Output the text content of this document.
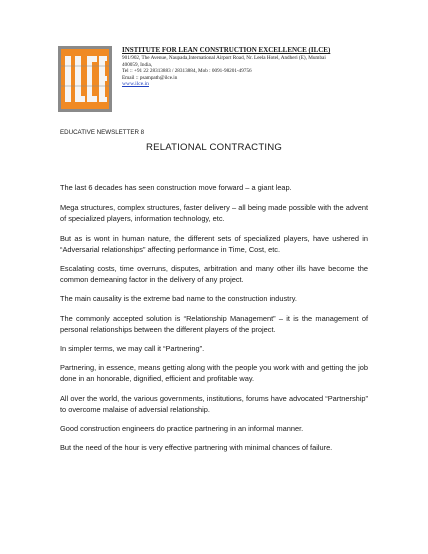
INSTITUTE FOR LEAN CONSTRUCTION EXCELLENCE (ILCE)
901/902, The Avenue, Naupada,International Airport Road, Nr. Leela Hotel, Andheri (E), Mumbai
400059, India,
Tel :: +91 22 28313883 / 28313884, Mob : 0091-98201-49756
Email :: psampath@ilce.in
www.ilce.in
EDUCATIVE NEWSLETTER 8
RELATIONAL CONTRACTING

The last 6 decades has seen construction move forward – a giant leap.

Mega structures, complex structures, faster delivery – all being made possible with the advent of specialized players, information technology, etc.

But as is wont in human nature, the different sets of specialized players, have ushered in “Adversarial relationships” affecting performance in Time, Cost, etc.

Escalating costs, time overruns, disputes, arbitration and many other ills have become the common demeaning factor in the delivery of any project.

The main causality is the extreme bad name to the construction industry.

The commonly accepted solution is “Relationship Management” – it is the management of personal relationships between the different players of the project.

In simpler terms, we may call it “Partnering”.

Partnering, in essence, means getting along with the people you work with and getting the job done in an honorable, dignified, efficient and profitable way.

All over the world, the various governments, institutions, forums have advocated “Partnership” to overcome malaise of adversial relationship.

Good construction engineers do practice partnering in an informal manner.

But the need of the hour is very effective partnering with minimal chances of failure.
